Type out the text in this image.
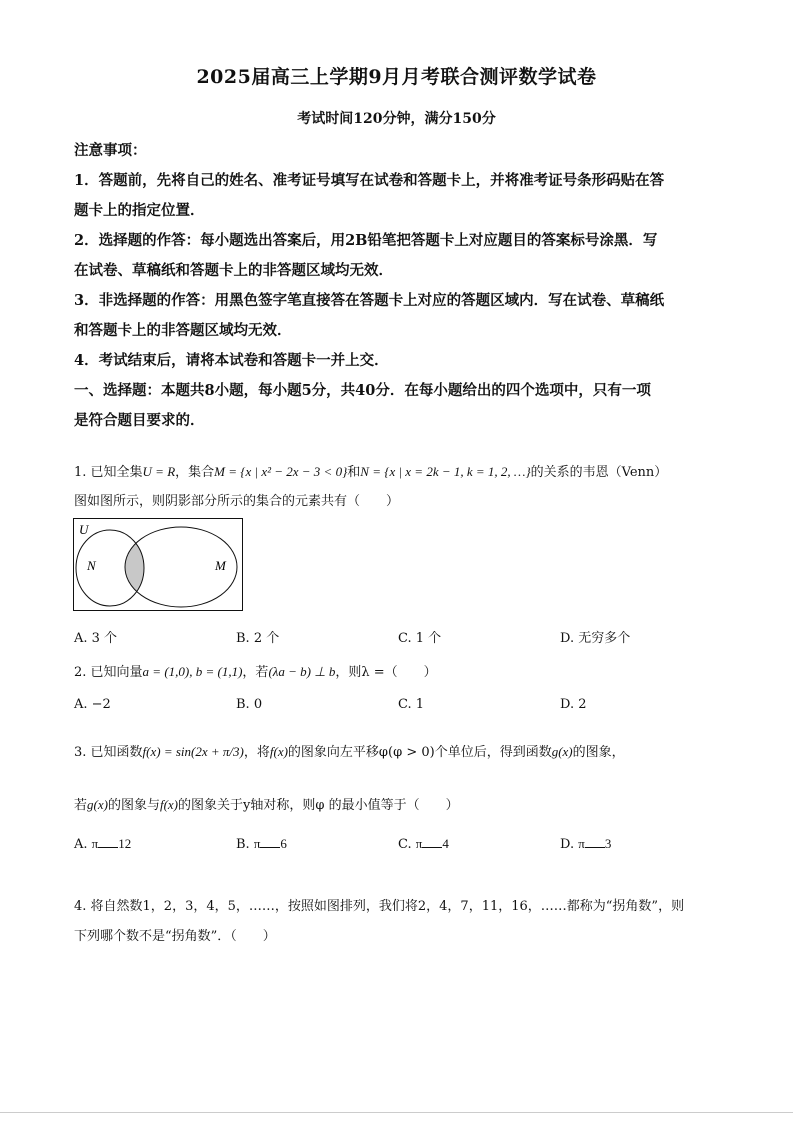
2025届高三上学期9月月考联合测评数学试卷
考试时间120分钟，满分150分

注意事项：

1．答题前，先将自己的姓名、准考证号填写在试卷和答题卡上，并将准考证号条形码贴在答

题卡上的指定位置．

2．选择题的作答：每小题选出答案后，用2B铅笔把答题卡上对应题目的答案标号涂黑．写

在试卷、草稿纸和答题卡上的非答题区域均无效．

3．非选择题的作答：用黑色签字笔直接答在答题卡上对应的答题区域内．写在试卷、草稿纸

和答题卡上的非答题区域均无效．

4．考试结束后，请将本试卷和答题卡一并上交．

一、选择题：本题共8小题，每小题5分，共40分．在每小题给出的四个选项中，只有一项

是符合题目要求的．

1. 已知全集U = R，集合M = {x | x² − 2x − 3 < 0}和N = {x | x = 2k − 1, k = 1, 2, …}的关系的韦恩（Venn）
图如图所示，则阴影部分所示的集合的元素共有（　　）
U
N	M
A. 3 个	B. 2 个	C. 1 个	D. 无穷多个
2. 已知向量a = (1,0), b = (1,1)，若(λa − b) ⊥ b，则λ =（　　）
A. −2	B. 0	C. 1	D. 2
3. 已知函数f(x) = sin(2x + π/3)，将f(x)的图象向左平移φ(φ > 0)个单位后，得到函数g(x)的图象，
若g(x)的图象与f(x)的图象关于y轴对称，则φ 的最小值等于（　　）
A. π 12	B. π 6	C. π 4	D. π 3
4. 将自然数1，2，3，4，5，……，按照如图排列，我们将2，4，7，11，16，……都称为“拐角数”，则
下列哪个数不是“拐角数”．（　　）
